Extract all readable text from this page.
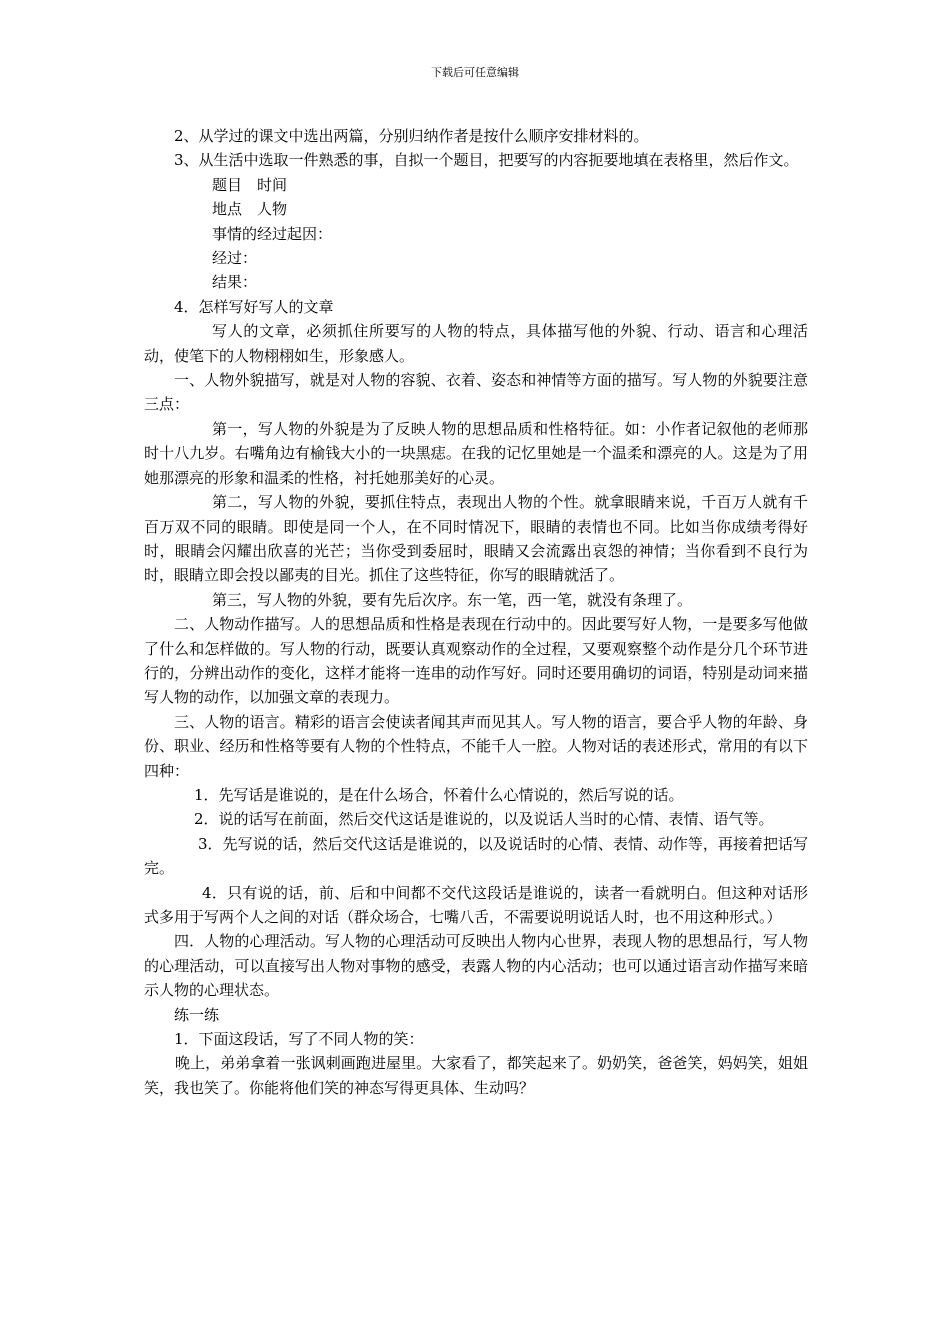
下载后可任意编辑

2、从学过的课文中选出两篇，分别归纳作者是按什么顺序安排材料的。

3、从生活中选取一件熟悉的事，自拟一个题目，把要写的内容扼要地填在表格里，然后作文。

题目　时间

地点　人物

事情的经过起因：

经过：

结果：

4．怎样写好写人的文章

写人的文章，必须抓住所要写的人物的特点，具体描写他的外貌、行动、语言和心理活动，使笔下的人物栩栩如生，形象感人。

一、人物外貌描写，就是对人物的容貌、衣着、姿态和神情等方面的描写。写人物的外貌要注意三点：

第一，写人物的外貌是为了反映人物的思想品质和性格特征。如：小作者记叙他的老师那时十八九岁。右嘴角边有榆钱大小的一块黑痣。在我的记忆里她是一个温柔和漂亮的人。这是为了用她那漂亮的形象和温柔的性格，衬托她那美好的心灵。

第二，写人物的外貌，要抓住特点，表现出人物的个性。就拿眼睛来说，千百万人就有千百万双不同的眼睛。即使是同一个人，在不同时情况下，眼睛的表情也不同。比如当你成绩考得好时，眼睛会闪耀出欣喜的光芒；当你受到委屈时，眼睛又会流露出哀怨的神情；当你看到不良行为时，眼睛立即会投以鄙夷的目光。抓住了这些特征，你写的眼睛就活了。

第三，写人物的外貌，要有先后次序。东一笔，西一笔，就没有条理了。

二、人物动作描写。人的思想品质和性格是表现在行动中的。因此要写好人物，一是要多写他做了什么和怎样做的。写人物的行动，既要认真观察动作的全过程，又要观察整个动作是分几个环节进行的，分辨出动作的变化，这样才能将一连串的动作写好。同时还要用确切的词语，特别是动词来描写人物的动作，以加强文章的表现力。

三、人物的语言。精彩的语言会使读者闻其声而见其人。写人物的语言，要合乎人物的年龄、身份、职业、经历和性格等要有人物的个性特点，不能千人一腔。人物对话的表述形式，常用的有以下四种：

1．先写话是谁说的，是在什么场合，怀着什么心情说的，然后写说的话。

2．说的话写在前面，然后交代这话是谁说的，以及说话人当时的心情、表情、语气等。

3．先写说的话，然后交代这话是谁说的，以及说话时的心情、表情、动作等，再接着把话写完。

4．只有说的话，前、后和中间都不交代这段话是谁说的，读者一看就明白。但这种对话形式多用于写两个人之间的对话（群众场合，七嘴八舌，不需要说明说话人时，也不用这种形式。）

四．人物的心理活动。写人物的心理活动可反映出人物内心世界，表现人物的思想品行，写人物的心理活动，可以直接写出人物对事物的感受，表露人物的内心活动；也可以通过语言动作描写来暗示人物的心理状态。

练一练

1．下面这段话，写了不同人物的笑：

晚上，弟弟拿着一张讽刺画跑进屋里。大家看了，都笑起来了。奶奶笑，爸爸笑，妈妈笑，姐姐笑，我也笑了。你能将他们笑的神态写得更具体、生动吗？
